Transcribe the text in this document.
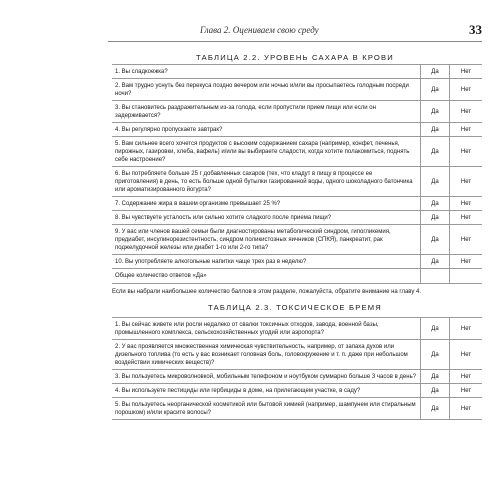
Глава 2. Оцениваем свою среду	33
ТАБЛИЦА 2.2. УРОВЕНЬ САХАРА В КРОВИ
1. Вы сладкоежка?	Да	Нет
2. Вам трудно уснуть без перекуса поздно вечером или ночью и/или вы просыпаетесь голодным посреди ночи?	Да	Нет
3. Вы становитесь раздражительным из-за голода, если пропустили прием пищи или если он задерживается?	Да	Нет
4. Вы регулярно пропускаете завтрак?	Да	Нет
5. Вам сильнее всего хочется продуктов с высоким содержанием сахара (например, конфет, печенья, пирожных, газировки, хлеба, вафель) и/или вы выбираете сладости, когда хотите полакомиться, поднять себе настроение?	Да	Нет
6. Вы потребляете больше 25 г добавленных сахаров (тех, что кладут в пищу в процессе ее приготовления) в день, то есть больше одной бутылки газированной воды, одного шоколадного батончика или ароматизированного йогурта?	Да	Нет
7. Содержание жира в вашем организме превышает 25 %?	Да	Нет
8. Вы чувствуете усталость или сильно хотите сладкого после приема пищи?	Да	Нет
9. У вас или членов вашей семьи были диагностированы метаболический синдром, гипогликемия, предиабет, инсулинорезистентность, синдром поликистозных яичников (СПКЯ), панкреатит, рак поджелудочной железы или диабет 1-го или 2-го типа?	Да	Нет
10. Вы употребляете алкогольные напитки чаще трех раз в неделю?	Да	Нет
Общее количество ответов «Да»		
Если вы набрали наибольшее количество баллов в этом разделе, пожалуйста, обратите внимание на главу 4.
ТАБЛИЦА 2.3. ТОКСИЧЕСКОЕ БРЕМЯ
1. Вы сейчас живете или росли недалеко от свалки токсичных отходов, завода, военной базы, промышленного комплекса, сельскохозяйственных угодий или аэропорта?	Да	Нет
2. У вас проявляется множественная химическая чувствительность, например, от запаха духов или дизельного топлива (то есть у вас возникает головная боль, головокружение и т. п. даже при небольшом воздействии химических веществ)?	Да	Нет
3. Вы пользуетесь микроволновкой, мобильным телефоном и ноутбуком суммарно больше 3 часов в день?	Да	Нет
4. Вы используете пестициды или гербициды в доме, на прилегающем участке, в саду?	Да	Нет
5. Вы пользуетесь неорганической косметикой или бытовой химией (например, шампунем или стиральным порошком) и/или красите волосы?	Да	Нет
